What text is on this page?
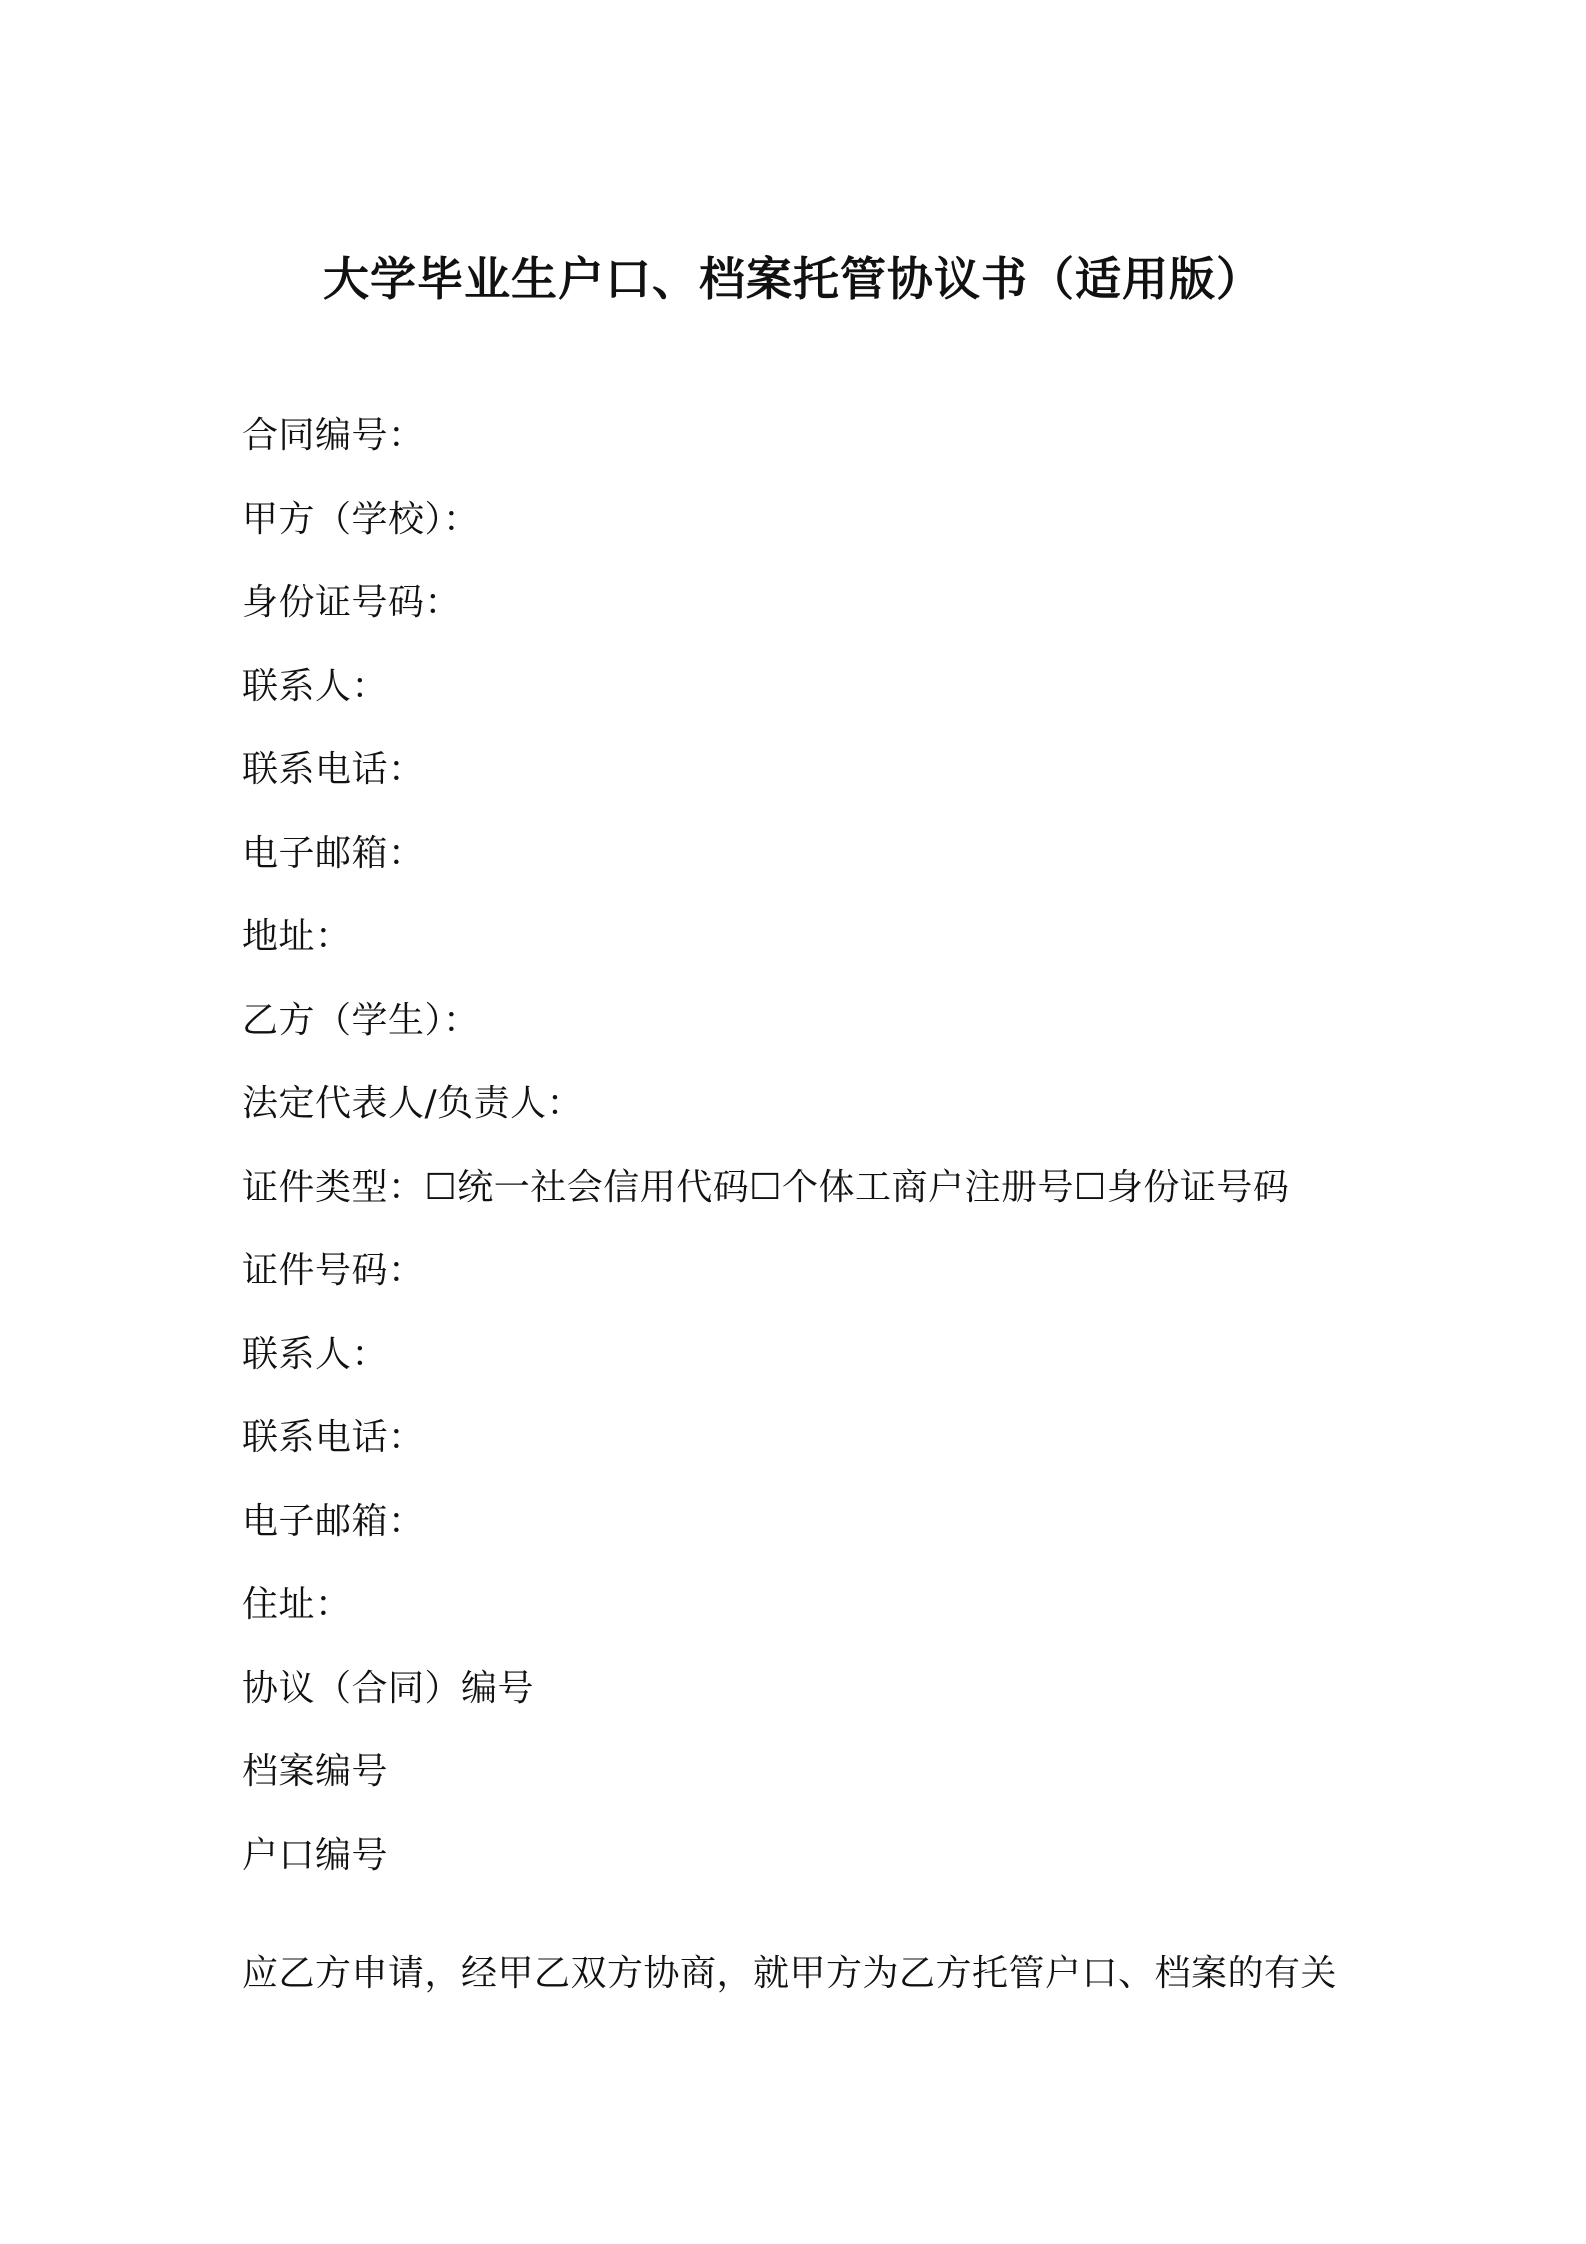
大学毕业生户口、档案托管协议书（适用版）
合同编号：
甲方（学校）：
身份证号码：
联系人：
联系电话：
电子邮箱：
地址：
乙方（学生）：
法定代表人/负责人：
证件类型：☐统一社会信用代码☐个体工商户注册号☐身份证号码
证件号码：
联系人：
联系电话：
电子邮箱：
住址：
协议（合同）编号
档案编号
户口编号

应乙方申请，经甲乙双方协商，就甲方为乙方托管户口、档案的有关
